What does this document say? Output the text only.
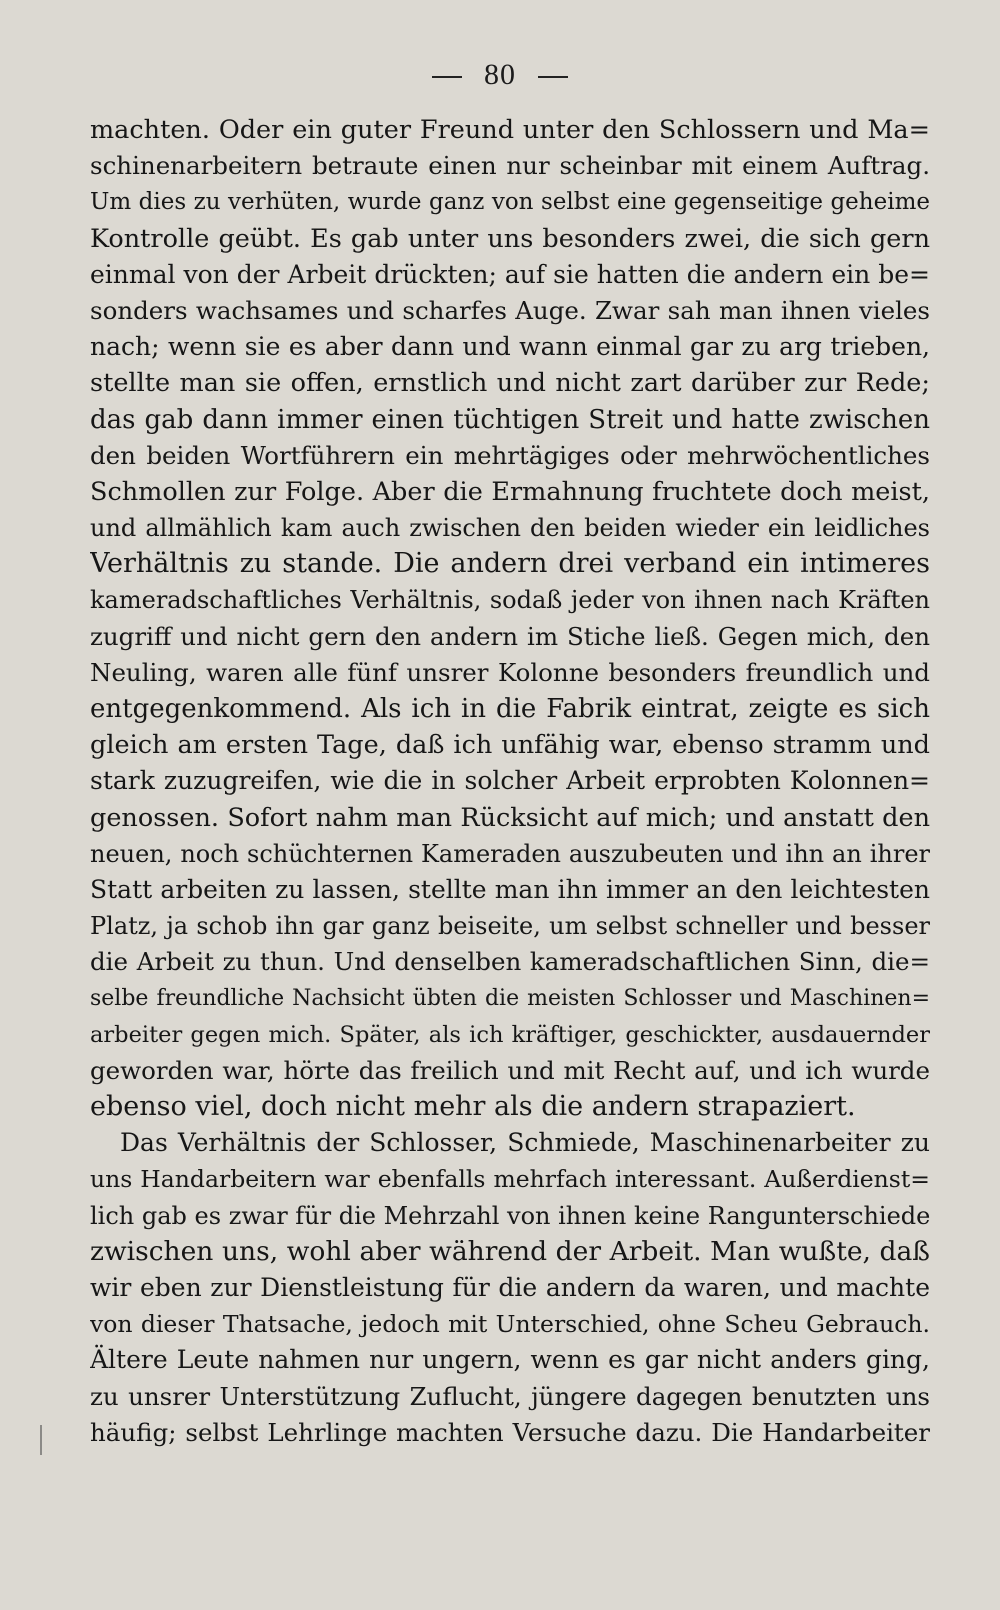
80
machten. Oder ein guter Freund unter den Schlossern und Ma=
schinenarbeitern betraute einen nur scheinbar mit einem Auftrag.
Um dies zu verhüten, wurde ganz von selbst eine gegenseitige geheime
Kontrolle geübt. Es gab unter uns besonders zwei, die sich gern
einmal von der Arbeit drückten; auf sie hatten die andern ein be=
sonders wachsames und scharfes Auge. Zwar sah man ihnen vieles
nach; wenn sie es aber dann und wann einmal gar zu arg trieben,
stellte man sie offen, ernstlich und nicht zart darüber zur Rede;
das gab dann immer einen tüchtigen Streit und hatte zwischen
den beiden Wortführern ein mehrtägiges oder mehrwöchentliches
Schmollen zur Folge. Aber die Ermahnung fruchtete doch meist,
und allmählich kam auch zwischen den beiden wieder ein leidliches
Verhältnis zu stande. Die andern drei verband ein intimeres
kameradschaftliches Verhältnis, sodaß jeder von ihnen nach Kräften
zugriff und nicht gern den andern im Stiche ließ. Gegen mich, den
Neuling, waren alle fünf unsrer Kolonne besonders freundlich und
entgegenkommend. Als ich in die Fabrik eintrat, zeigte es sich
gleich am ersten Tage, daß ich unfähig war, ebenso stramm und
stark zuzugreifen, wie die in solcher Arbeit erprobten Kolonnen=
genossen. Sofort nahm man Rücksicht auf mich; und anstatt den
neuen, noch schüchternen Kameraden auszubeuten und ihn an ihrer
Statt arbeiten zu lassen, stellte man ihn immer an den leichtesten
Platz, ja schob ihn gar ganz beiseite, um selbst schneller und besser
die Arbeit zu thun. Und denselben kameradschaftlichen Sinn, die=
selbe freundliche Nachsicht übten die meisten Schlosser und Maschinen=
arbeiter gegen mich. Später, als ich kräftiger, geschickter, ausdauernder
geworden war, hörte das freilich und mit Recht auf, und ich wurde
ebenso viel, doch nicht mehr als die andern strapaziert.
Das Verhältnis der Schlosser, Schmiede, Maschinenarbeiter zu
uns Handarbeitern war ebenfalls mehrfach interessant. Außerdienst=
lich gab es zwar für die Mehrzahl von ihnen keine Rangunterschiede
zwischen uns, wohl aber während der Arbeit. Man wußte, daß
wir eben zur Dienstleistung für die andern da waren, und machte
von dieser Thatsache, jedoch mit Unterschied, ohne Scheu Gebrauch.
Ältere Leute nahmen nur ungern, wenn es gar nicht anders ging,
zu unsrer Unterstützung Zuflucht, jüngere dagegen benutzten uns
häufig; selbst Lehrlinge machten Versuche dazu. Die Handarbeiter
